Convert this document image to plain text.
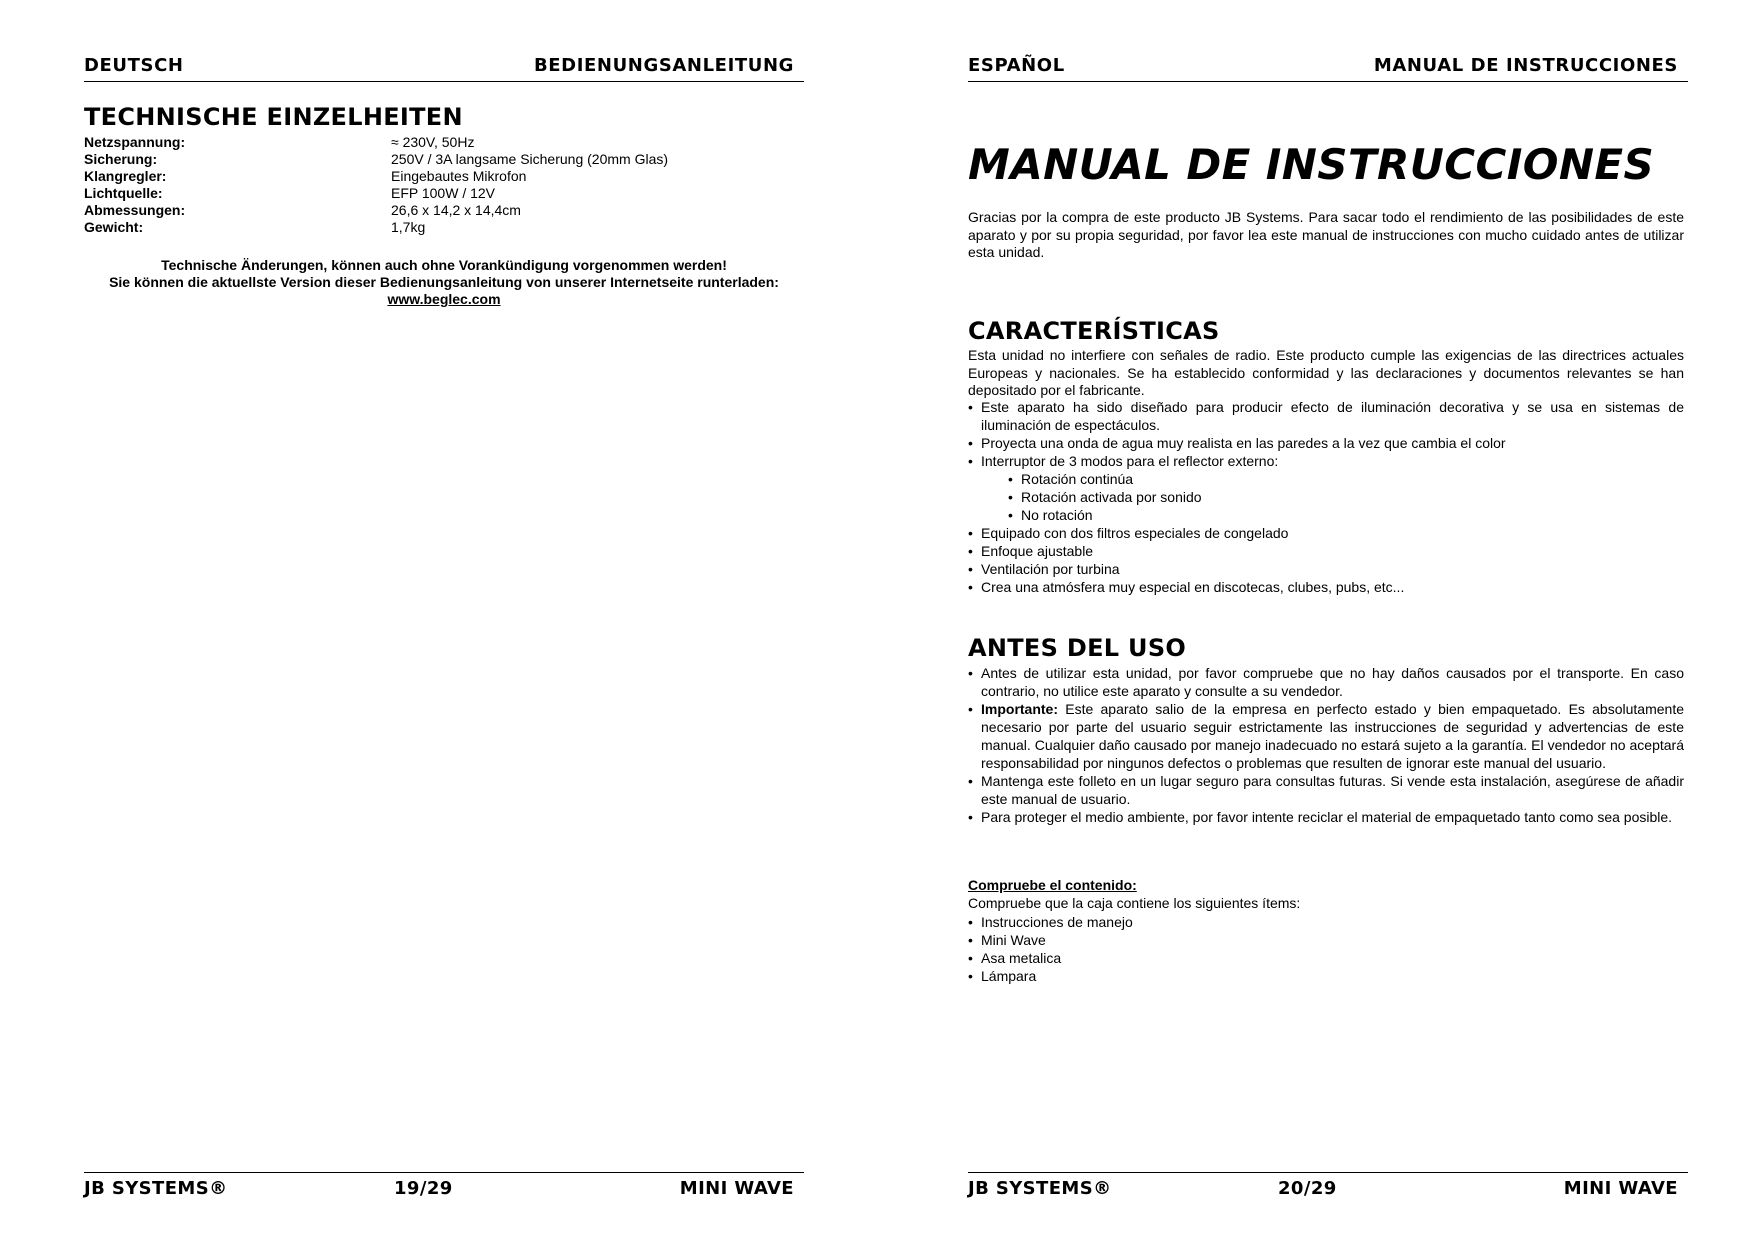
DEUTSCH	BEDIENUNGSANLEITUNG
TECHNISCHE EINZELHEITEN
Netzspannung:	≈ 230V, 50Hz
Sicherung:	250V / 3A langsame Sicherung (20mm Glas)
Klangregler:	Eingebautes Mikrofon
Lichtquelle:	EFP 100W / 12V
Abmessungen:	26,6 x 14,2 x 14,4cm
Gewicht:	1,7kg
Technische Änderungen, können auch ohne Vorankündigung vorgenommen werden!
Sie können die aktuellste Version dieser Bedienungsanleitung von unserer Internetseite runterladen:
www.beglec.com
JB SYSTEMS®	19/29	MINI WAVE
ESPAÑOL	MANUAL DE INSTRUCCIONES
MANUAL DE INSTRUCCIONES

Gracias por la compra de este producto JB Systems. Para sacar todo el rendimiento de las posibilidades de este aparato y por su propia seguridad, por favor lea este manual de instrucciones con mucho cuidado antes de utilizar esta unidad.

CARACTERÍSTICAS

Esta unidad no interfiere con señales de radio. Este producto cumple las exigencias de las directrices actuales Europeas y nacionales. Se ha establecido conformidad y las declaraciones y documentos relevantes se han depositado por el fabricante.

• Este aparato ha sido diseñado para producir efecto de iluminación decorativa y se usa en sistemas de iluminación de espectáculos.
• Proyecta una onda de agua muy realista en las paredes a la vez que cambia el color
• Interruptor de 3 modos para el reflector externo:
• Rotación continúa
• Rotación activada por sonido
• No rotación
• Equipado con dos filtros especiales de congelado
• Enfoque ajustable
• Ventilación por turbina
• Crea una atmósfera muy especial en discotecas, clubes, pubs, etc...
ANTES DEL USO
• Antes de utilizar esta unidad, por favor compruebe que no hay daños causados por el transporte. En caso contrario, no utilice este aparato y consulte a su vendedor.
• Importante: Este aparato salio de la empresa en perfecto estado y bien empaquetado. Es absolutamente necesario por parte del usuario seguir estrictamente las instrucciones de seguridad y advertencias de este manual. Cualquier daño causado por manejo inadecuado no estará sujeto a la garantía. El vendedor no aceptará responsabilidad por ningunos defectos o problemas que resulten de ignorar este manual del usuario.
• Mantenga este folleto en un lugar seguro para consultas futuras. Si vende esta instalación, asegúrese de añadir este manual de usuario.
• Para proteger el medio ambiente, por favor intente reciclar el material de empaquetado tanto como sea posible.
Compruebe el contenido:
Compruebe que la caja contiene los siguientes ítems:
• Instrucciones de manejo
• Mini Wave
• Asa metalica
• Lámpara
JB SYSTEMS®	20/29	MINI WAVE
